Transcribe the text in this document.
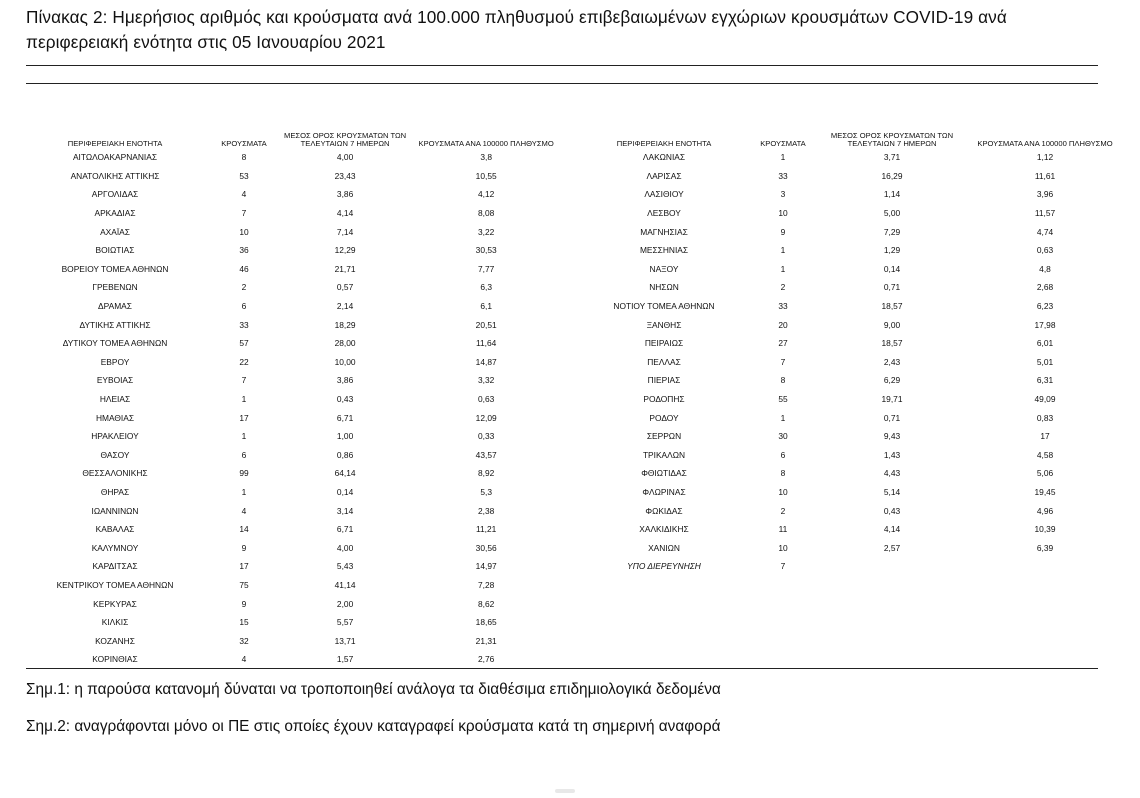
Πίνακας 2: Ημερήσιος αριθμός και κρούσματα ανά 100.000 πληθυσμού επιβεβαιωμένων εγχώριων κρουσμάτων COVID-19 ανά περιφερειακή ενότητα στις 05 Ιανουαρίου 2021
ΠΕΡΙΦΕΡΕΙΑΚΗ ΕΝΟΤΗΤΑ	ΚΡΟΥΣΜΑΤΑ	ΜΕΣΟΣ ΟΡΟΣ ΚΡΟΥΣΜΑΤΩΝ ΤΩΝ
ΤΕΛΕΥΤΑΙΩΝ 7 ΗΜΕΡΩΝ	ΚΡΟΥΣΜΑΤΑ ΑΝΑ 100000 ΠΛΗΘΥΣΜΟ
ΑΙΤΩΛΟΑΚΑΡΝΑΝΙΑΣ	8	4,00	3,8
ΑΝΑΤΟΛΙΚΗΣ ΑΤΤΙΚΗΣ	53	23,43	10,55
ΑΡΓΟΛΙΔΑΣ	4	3,86	4,12
ΑΡΚΑΔΙΑΣ	7	4,14	8,08
ΑΧΑΪΑΣ	10	7,14	3,22
ΒΟΙΩΤΙΑΣ	36	12,29	30,53
ΒΟΡΕΙΟΥ ΤΟΜΕΑ ΑΘΗΝΩΝ	46	21,71	7,77
ΓΡΕΒΕΝΩΝ	2	0,57	6,3
ΔΡΑΜΑΣ	6	2,14	6,1
ΔΥΤΙΚΗΣ ΑΤΤΙΚΗΣ	33	18,29	20,51
ΔΥΤΙΚΟΥ ΤΟΜΕΑ ΑΘΗΝΩΝ	57	28,00	11,64
ΕΒΡΟΥ	22	10,00	14,87
ΕΥΒΟΙΑΣ	7	3,86	3,32
ΗΛΕΙΑΣ	1	0,43	0,63
ΗΜΑΘΙΑΣ	17	6,71	12,09
ΗΡΑΚΛΕΙΟΥ	1	1,00	0,33
ΘΑΣΟΥ	6	0,86	43,57
ΘΕΣΣΑΛΟΝΙΚΗΣ	99	64,14	8,92
ΘΗΡΑΣ	1	0,14	5,3
ΙΩΑΝΝΙΝΩΝ	4	3,14	2,38
ΚΑΒΑΛΑΣ	14	6,71	11,21
ΚΑΛΥΜΝΟΥ	9	4,00	30,56
ΚΑΡΔΙΤΣΑΣ	17	5,43	14,97
ΚΕΝΤΡΙΚΟΥ ΤΟΜΕΑ ΑΘΗΝΩΝ	75	41,14	7,28
ΚΕΡΚΥΡΑΣ	9	2,00	8,62
ΚΙΛΚΙΣ	15	5,57	18,65
ΚΟΖΑΝΗΣ	32	13,71	21,31
ΚΟΡΙΝΘΙΑΣ	4	1,57	2,76
ΠΕΡΙΦΕΡΕΙΑΚΗ ΕΝΟΤΗΤΑ	ΚΡΟΥΣΜΑΤΑ	ΜΕΣΟΣ ΟΡΟΣ ΚΡΟΥΣΜΑΤΩΝ ΤΩΝ
ΤΕΛΕΥΤΑΙΩΝ 7 ΗΜΕΡΩΝ	ΚΡΟΥΣΜΑΤΑ ΑΝΑ 100000 ΠΛΗΘΥΣΜΟ
ΛΑΚΩΝΙΑΣ	1	3,71	1,12
ΛΑΡΙΣΑΣ	33	16,29	11,61
ΛΑΣΙΘΙΟΥ	3	1,14	3,96
ΛΕΣΒΟΥ	10	5,00	11,57
ΜΑΓΝΗΣΙΑΣ	9	7,29	4,74
ΜΕΣΣΗΝΙΑΣ	1	1,29	0,63
ΝΑΞΟΥ	1	0,14	4,8
ΝΗΣΩΝ	2	0,71	2,68
ΝΟΤΙΟΥ ΤΟΜΕΑ ΑΘΗΝΩΝ	33	18,57	6,23
ΞΑΝΘΗΣ	20	9,00	17,98
ΠΕΙΡΑΙΩΣ	27	18,57	6,01
ΠΕΛΛΑΣ	7	2,43	5,01
ΠΙΕΡΙΑΣ	8	6,29	6,31
ΡΟΔΟΠΗΣ	55	19,71	49,09
ΡΟΔΟΥ	1	0,71	0,83
ΣΕΡΡΩΝ	30	9,43	17
ΤΡΙΚΑΛΩΝ	6	1,43	4,58
ΦΘΙΩΤΙΔΑΣ	8	4,43	5,06
ΦΛΩΡΙΝΑΣ	10	5,14	19,45
ΦΩΚΙΔΑΣ	2	0,43	4,96
ΧΑΛΚΙΔΙΚΗΣ	11	4,14	10,39
ΧΑΝΙΩΝ	10	2,57	6,39
ΥΠΟ ΔΙΕΡΕΥΝΗΣΗ	7		
Σημ.1: η παρούσα κατανομή δύναται να τροποποιηθεί ανάλογα τα διαθέσιμα επιδημιολογικά δεδομένα
Σημ.2: αναγράφονται μόνο οι ΠΕ στις οποίες έχουν καταγραφεί κρούσματα κατά τη σημερινή αναφορά
